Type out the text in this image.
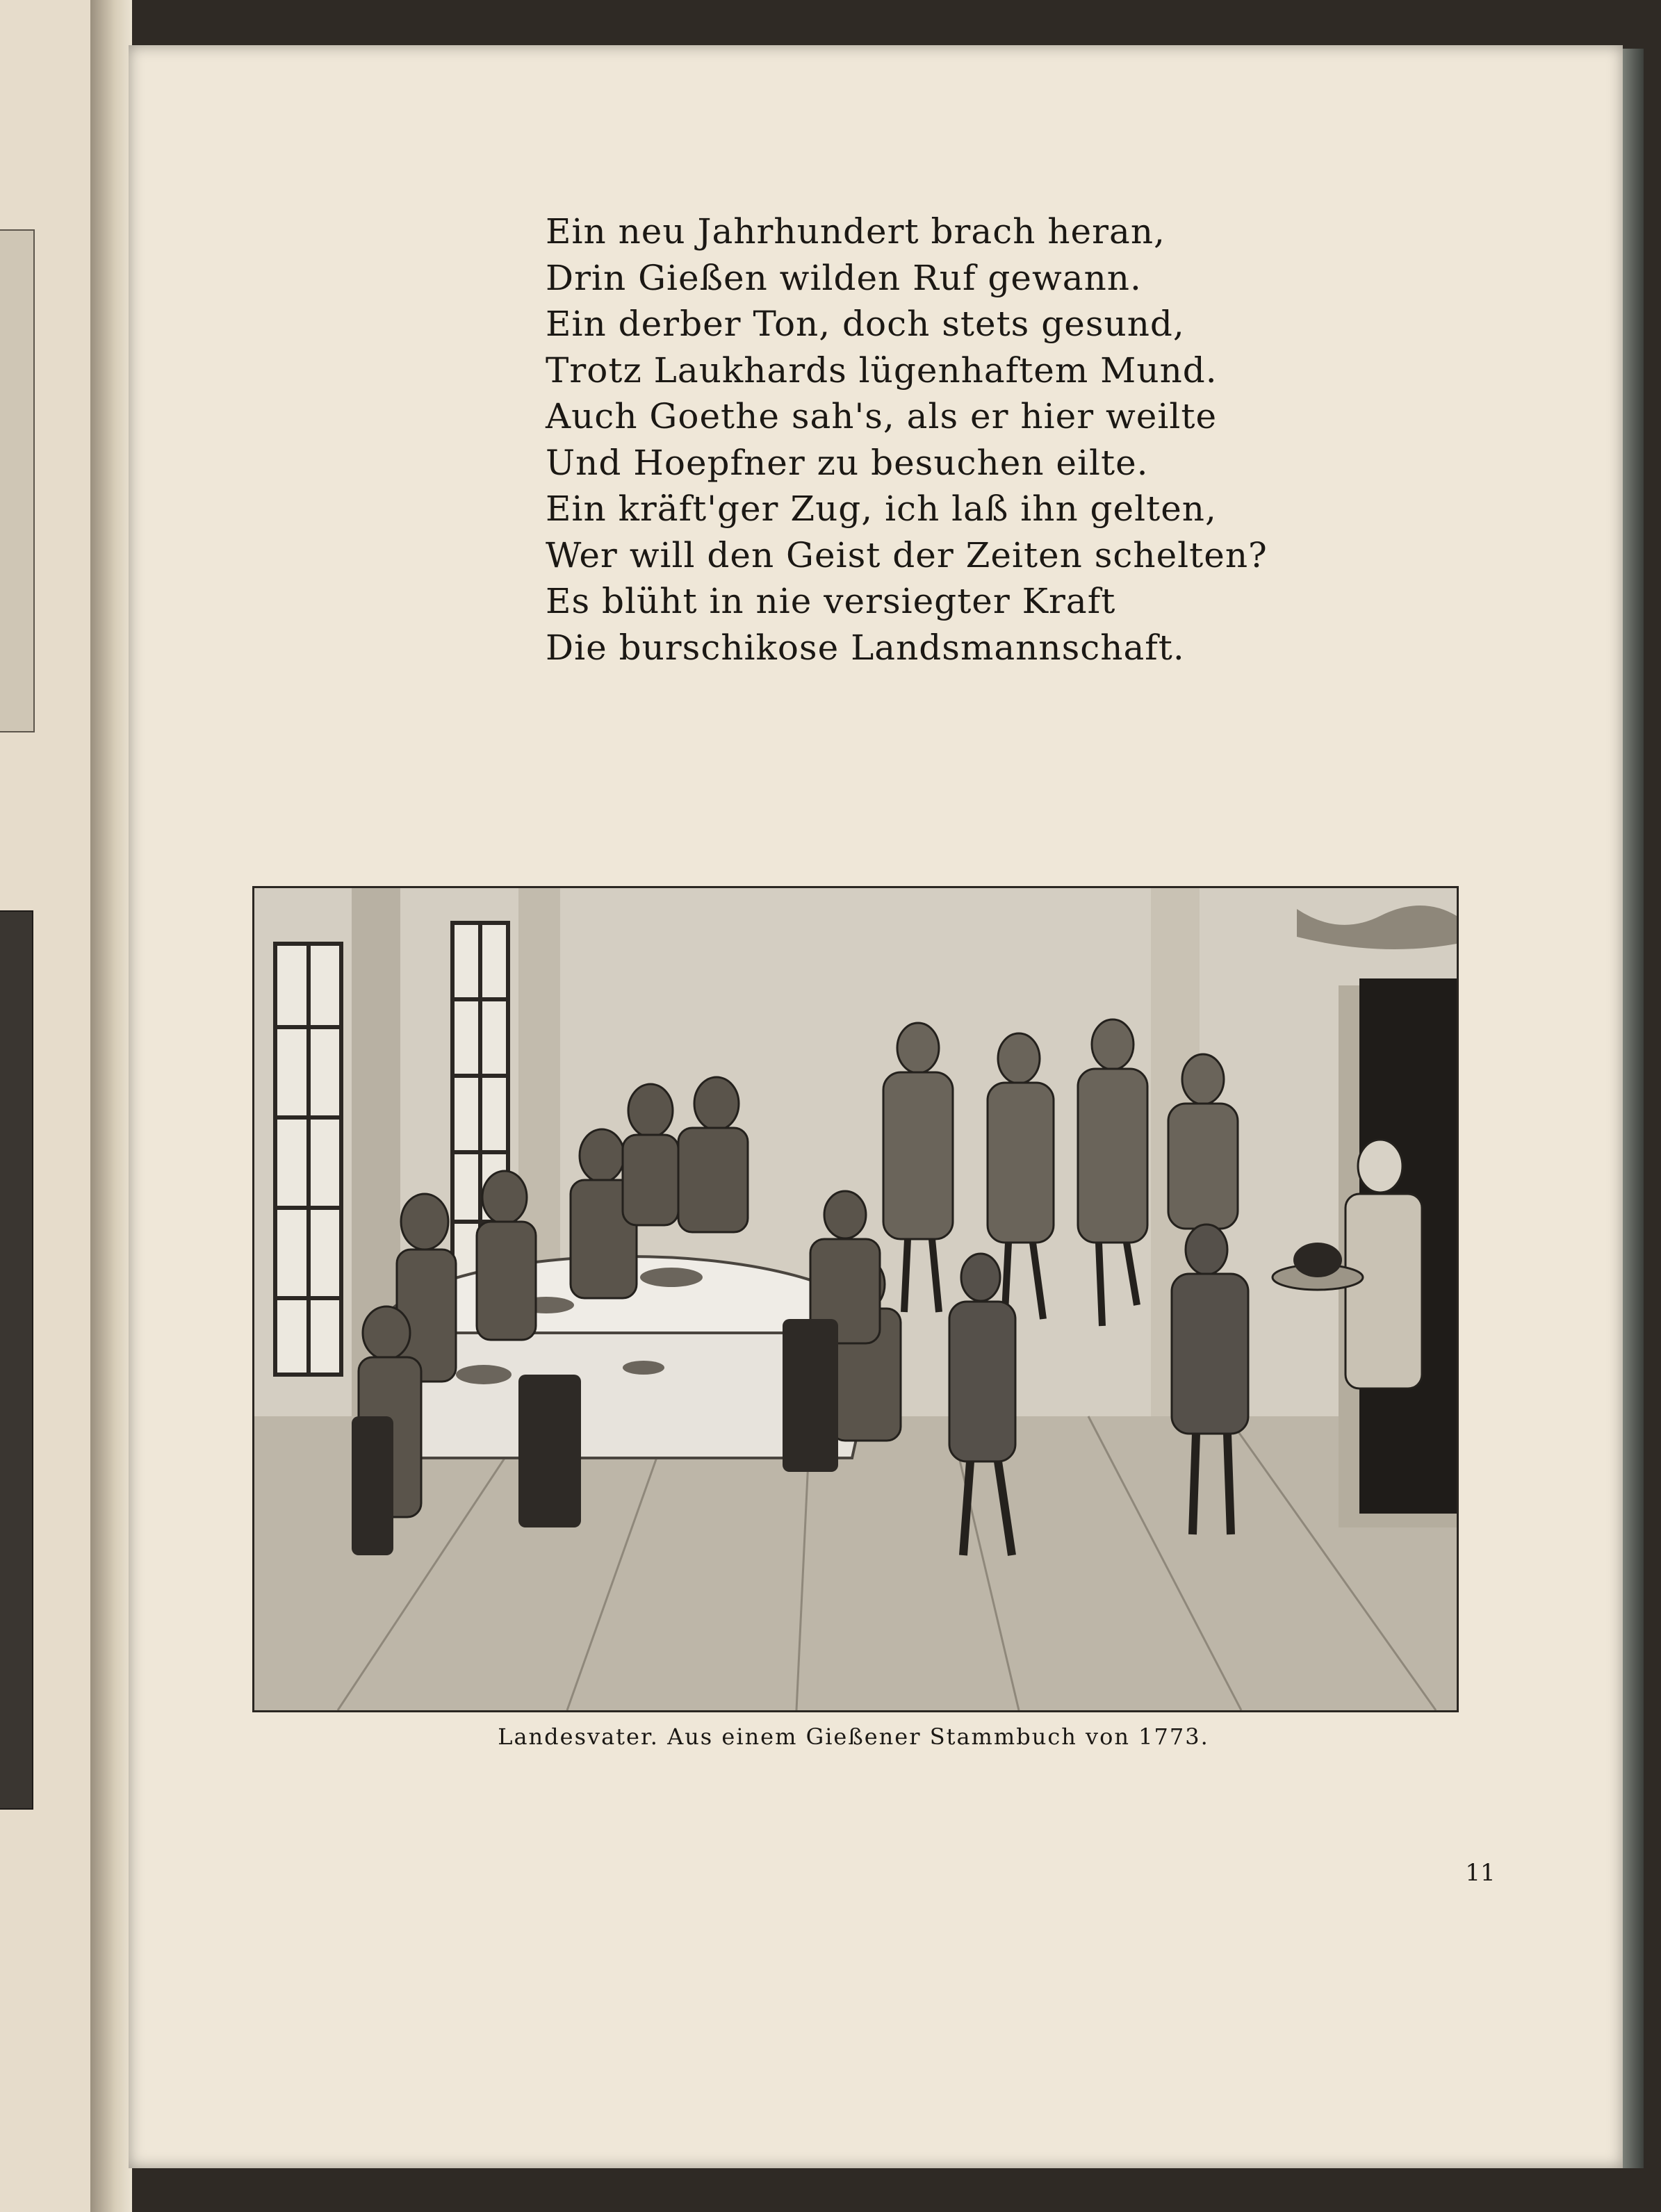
Ein neu Jahrhundert brach heran,
Drin Gießen wilden Ruf gewann.
Ein derber Ton, doch stets gesund,
Trotz Laukhards lügenhaftem Mund.
Auch Goethe sah's, als er hier weilte
Und Hoepfner zu besuchen eilte.
Ein kräft'ger Zug, ich laß ihn gelten,
Wer will den Geist der Zeiten schelten?
Es blüht in nie versiegter Kraft
Die burschikose Landsmannschaft.
Landesvater. Aus einem Gießener Stammbuch von 1773.
11
